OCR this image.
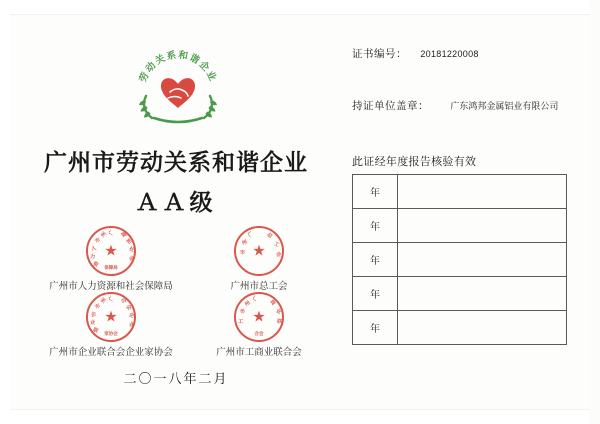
劳动关系和谐企业
广州市劳动关系和谐企业
ＡＡ级
广
州
市
人
力
资
源
和
社
会
★
保障局
广州市人力资源和社会保障局
广
州
市
总
工
会
★
广州市总工会
广
州
市
企
业
联
合
会
企
业
★
家协会
广州市企业联合会企业家协会
广
州
市
工
商
业
联
★
合会
广州市工商业联合会
二〇一八年二月
证书编号： 20181220008
持证单位盖章： 广东鸿邦金属铝业有限公司
此证经年度报告核验有效
年	
年	
年	
年	
年	
